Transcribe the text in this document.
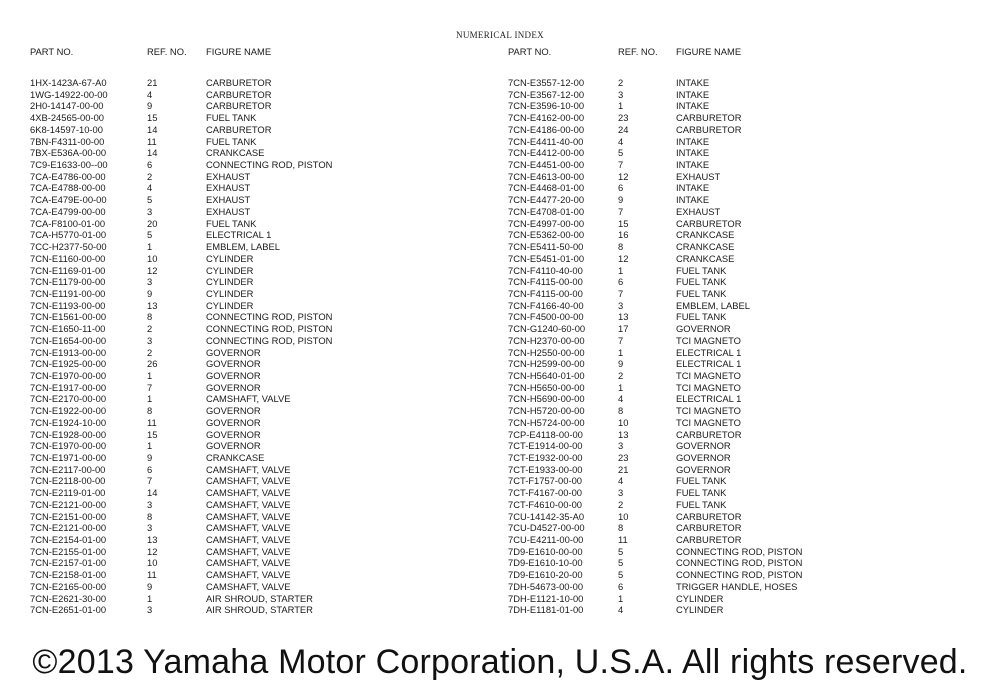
NUMERICAL INDEX
PART NO.	REF. NO. FIGURE NAME
1HX-1423A-67-A0	21	CARBURETOR
1WG-14922-00-00	4	CARBURETOR
2H0-14147-00-00	9	CARBURETOR
4XB-24565-00-00	15	FUEL TANK
6K8-14597-10-00	14	CARBURETOR
7BN-F4311-00-00	11	FUEL TANK
7BX-E536A-00-00	14	CRANKCASE
7C9-E1633-00--00	6	CONNECTING ROD, PISTON
7CA-E4786-00-00	2	EXHAUST
7CA-E4788-00-00	4	EXHAUST
7CA-E479E-00-00	5	EXHAUST
7CA-E4799-00-00	3	EXHAUST
7CA-F8100-01-00	20	FUEL TANK
7CA-H5770-01-00	5	ELECTRICAL 1
7CC-H2377-50-00	1	EMBLEM, LABEL
7CN-E1160-00-00	10	CYLINDER
7CN-E1169-01-00	12	CYLINDER
7CN-E1179-00-00	3	CYLINDER
7CN-E1191-00-00	9	CYLINDER
7CN-E1193-00-00	13	CYLINDER
7CN-E1561-00-00	8	CONNECTING ROD, PISTON
7CN-E1650-11-00	2	CONNECTING ROD, PISTON
7CN-E1654-00-00	3	CONNECTING ROD, PISTON
7CN-E1913-00-00	2	GOVERNOR
7CN-E1925-00-00	26	GOVERNOR
7CN-E1970-00-00	1	GOVERNOR
7CN-E1917-00-00	7	GOVERNOR
7CN-E2170-00-00	1	CAMSHAFT, VALVE
7CN-E1922-00-00	8	GOVERNOR
7CN-E1924-10-00	11	GOVERNOR
7CN-E1928-00-00	15	GOVERNOR
7CN-E1970-00-00	1	GOVERNOR
7CN-E1971-00-00	9	CRANKCASE
7CN-E2117-00-00	6	CAMSHAFT, VALVE
7CN-E2118-00-00	7	CAMSHAFT, VALVE
7CN-E2119-01-00	14	CAMSHAFT, VALVE
7CN-E2121-00-00	3	CAMSHAFT, VALVE
7CN-E2151-00-00	8	CAMSHAFT, VALVE
7CN-E2121-00-00	3	CAMSHAFT, VALVE
7CN-E2154-01-00	13	CAMSHAFT, VALVE
7CN-E2155-01-00	12	CAMSHAFT, VALVE
7CN-E2157-01-00	10	CAMSHAFT, VALVE
7CN-E2158-01-00	11	CAMSHAFT, VALVE
7CN-E2165-00-00	9	CAMSHAFT, VALVE
7CN-E2621-30-00	1	AIR SHROUD, STARTER
7CN-E2651-01-00	3	AIR SHROUD, STARTER
PART NO.	REF. NO. FIGURE NAME
7CN-E3557-12-00	2	INTAKE
7CN-E3567-12-00	3	INTAKE
7CN-E3596-10-00	1	INTAKE
7CN-E4162-00-00	23	CARBURETOR
7CN-E4186-00-00	24	CARBURETOR
7CN-E4411-40-00	4	INTAKE
7CN-E4412-00-00	5	INTAKE
7CN-E4451-00-00	7	INTAKE
7CN-E4613-00-00	12	EXHAUST
7CN-E4468-01-00	6	INTAKE
7CN-E4477-20-00	9	INTAKE
7CN-E4708-01-00	7	EXHAUST
7CN-E4997-00-00	15	CARBURETOR
7CN-E5362-00-00	16	CRANKCASE
7CN-E5411-50-00	8	CRANKCASE
7CN-E5451-01-00	12	CRANKCASE
7CN-F4110-40-00	1	FUEL TANK
7CN-F4115-00-00	6	FUEL TANK
7CN-F4115-00-00	7	FUEL TANK
7CN-F4166-40-00	3	EMBLEM, LABEL
7CN-F4500-00-00	13	FUEL TANK
7CN-G1240-60-00	17	GOVERNOR
7CN-H2370-00-00	7	TCI MAGNETO
7CN-H2550-00-00	1	ELECTRICAL 1
7CN-H2599-00-00	9	ELECTRICAL 1
7CN-H5640-01-00	2	TCI MAGNETO
7CN-H5650-00-00	1	TCI MAGNETO
7CN-H5690-00-00	4	ELECTRICAL 1
7CN-H5720-00-00	8	TCI MAGNETO
7CN-H5724-00-00	10	TCI MAGNETO
7CP-E4118-00-00	13	CARBURETOR
7CT-E1914-00-00	3	GOVERNOR
7CT-E1932-00-00	23	GOVERNOR
7CT-E1933-00-00	21	GOVERNOR
7CT-F1757-00-00	4	FUEL TANK
7CT-F4167-00-00	3	FUEL TANK
7CT-F4610-00-00	2	FUEL TANK
7CU-14142-35-A0	10	CARBURETOR
7CU-D4527-00-00	8	CARBURETOR
7CU-E4211-00-00	11	CARBURETOR
7D9-E1610-00-00	5	CONNECTING ROD, PISTON
7D9-E1610-10-00	5	CONNECTING ROD, PISTON
7D9-E1610-20-00	5	CONNECTING ROD, PISTON
7DH-54673-00-00	6	TRIGGER HANDLE, HOSES
7DH-E1121-10-00	1	CYLINDER
7DH-E1181-01-00	4	CYLINDER
©2013 Yamaha Motor Corporation, U.S.A. All rights reserved.
